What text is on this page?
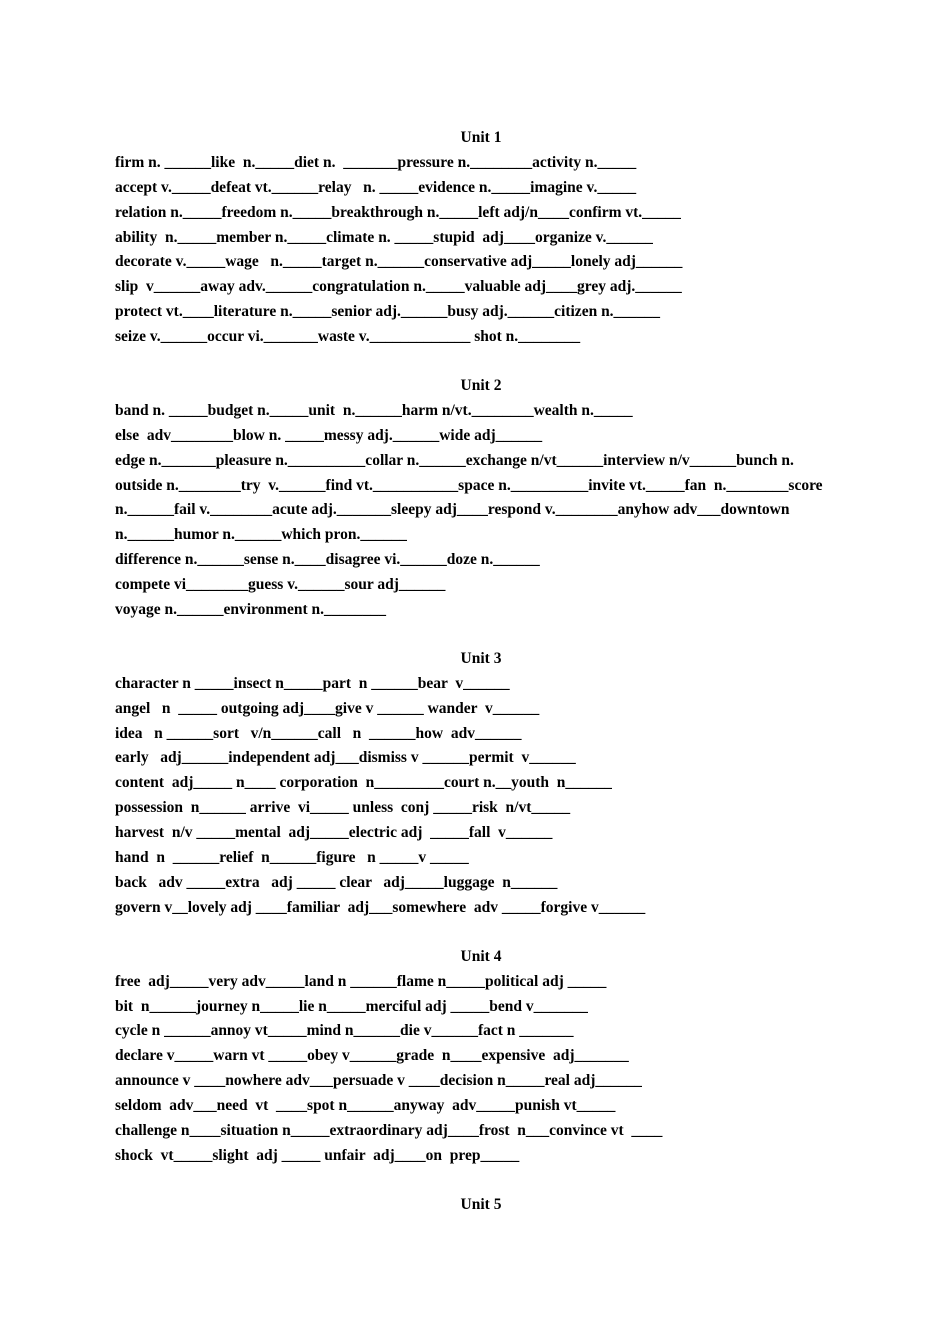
Unit 1
firm n. ______like  n._____diet n.  _______pressure n.________activity n._____
accept v._____defeat vt.______relay   n. _____evidence n._____imagine v._____
relation n._____freedom n._____breakthrough n._____left adj/n____confirm vt._____
ability  n._____member n._____climate n. _____stupid  adj____organize v.______
decorate v._____wage   n._____target n.______conservative adj_____lonely adj______
slip  v______away adv.______congratulation n._____valuable adj____grey adj.______
protect vt.____literature n._____senior adj.______busy adj.______citizen n.______
seize v.______occur vi._______waste v._____________ shot n.________
Unit 2
band n. _____budget n._____unit  n.______harm n/vt.________wealth n._____
else  adv________blow n. _____messy adj.______wide adj______
edge n._______pleasure n.__________collar n.______exchange n/vt______interview n/v______bunch n.
outside n.________try  v.______find vt.___________space n.__________invite vt._____fan  n.________score
n.______fail v.________acute adj._______sleepy adj____respond v.________anyhow adv___downtown
n.______humor n.______which pron.______
difference n.______sense n.____disagree vi.______doze n.______
compete vi________guess v.______sour adj______
voyage n.______environment n.________
Unit 3
character n _____insect n_____part  n ______bear  v______
angel   n  _____ outgoing adj____give v ______ wander  v______
idea   n ______sort   v/n______call   n  ______how  adv______
early   adj______independent adj___dismiss v ______permit  v______
content  adj_____ n____ corporation  n_________court n.__youth  n______
possession  n______ arrive  vi_____ unless  conj _____risk  n/vt_____
harvest  n/v _____mental  adj_____electric adj  _____fall  v______
hand  n  ______relief  n______figure   n _____v _____
back   adv _____extra   adj _____ clear   adj_____luggage  n______
govern v__lovely adj ____familiar  adj___somewhere  adv _____forgive v______
Unit 4
free  adj_____very adv_____land n ______flame n_____political adj _____
bit  n______journey n_____lie n_____merciful adj _____bend v_______
cycle n ______annoy vt_____mind n______die v______fact n _______
declare v_____warn vt _____obey v______grade  n____expensive  adj_______
announce v ____nowhere adv___persuade v ____decision n_____real adj______
seldom  adv___need  vt  ____spot n______anyway  adv_____punish vt_____
challenge n____situation n_____extraordinary adj____frost  n___convince vt  ____
shock  vt_____slight  adj _____ unfair  adj____on  prep_____
Unit 5
